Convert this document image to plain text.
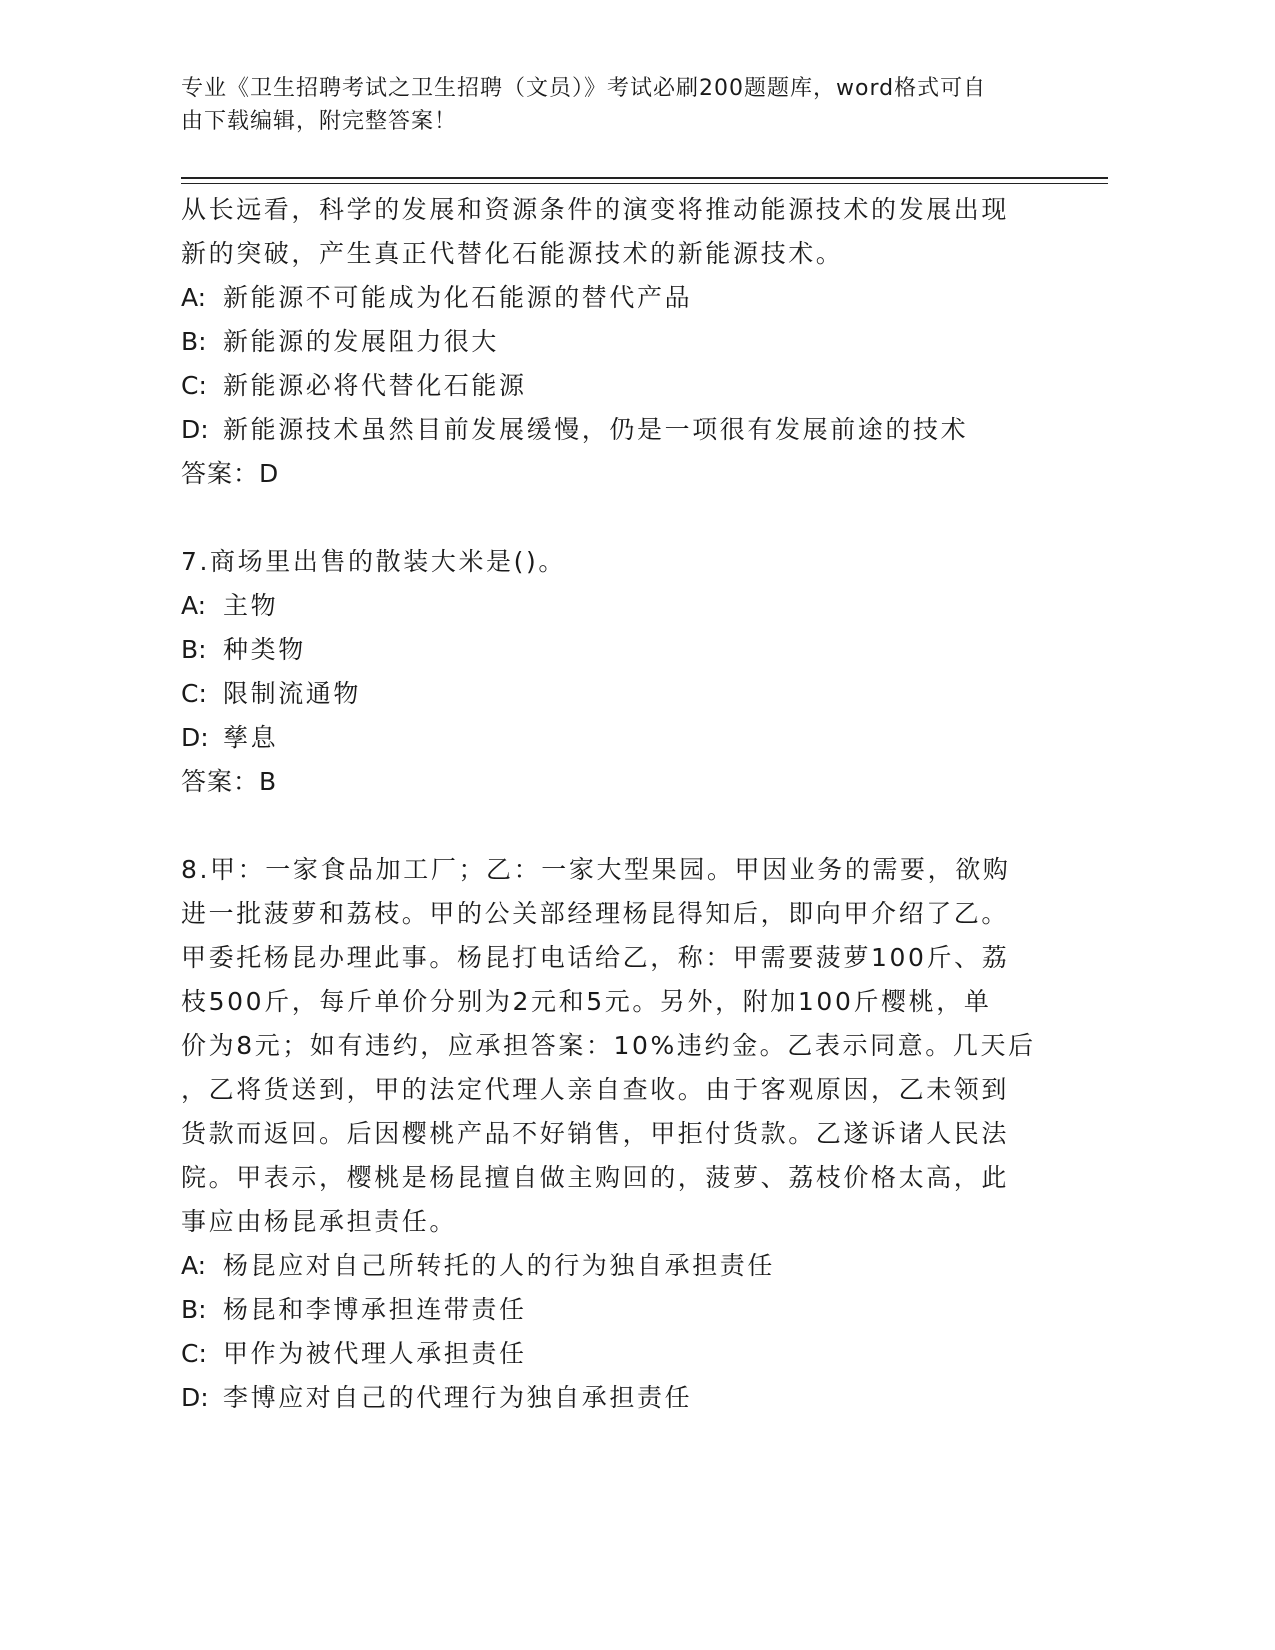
专业《卫生招聘考试之卫生招聘（文员）》考试必刷200题题库，word格式可自
由下载编辑，附完整答案！

从长远看，科学的发展和资源条件的演变将推动能源技术的发展出现

新的突破，产生真正代替化石能源技术的新能源技术。

A: 新能源不可能成为化石能源的替代产品

B: 新能源的发展阻力很大

C: 新能源必将代替化石能源

D: 新能源技术虽然目前发展缓慢，仍是一项很有发展前途的技术

答案：D

7.商场里出售的散装大米是()。

A: 主物

B: 种类物

C: 限制流通物

D: 孳息

答案：B

8.甲：一家食品加工厂；乙：一家大型果园。甲因业务的需要，欲购

进一批菠萝和荔枝。甲的公关部经理杨昆得知后，即向甲介绍了乙。

甲委托杨昆办理此事。杨昆打电话给乙，称：甲需要菠萝100斤、荔

枝500斤，每斤单价分别为2元和5元。另外，附加100斤樱桃，单

价为8元；如有违约，应承担答案：10%违约金。乙表示同意。几天后

，乙将货送到，甲的法定代理人亲自查收。由于客观原因，乙未领到

货款而返回。后因樱桃产品不好销售，甲拒付货款。乙遂诉诸人民法

院。甲表示，樱桃是杨昆擅自做主购回的，菠萝、荔枝价格太高，此

事应由杨昆承担责任。

A: 杨昆应对自己所转托的人的行为独自承担责任

B: 杨昆和李博承担连带责任

C: 甲作为被代理人承担责任

D: 李博应对自己的代理行为独自承担责任
